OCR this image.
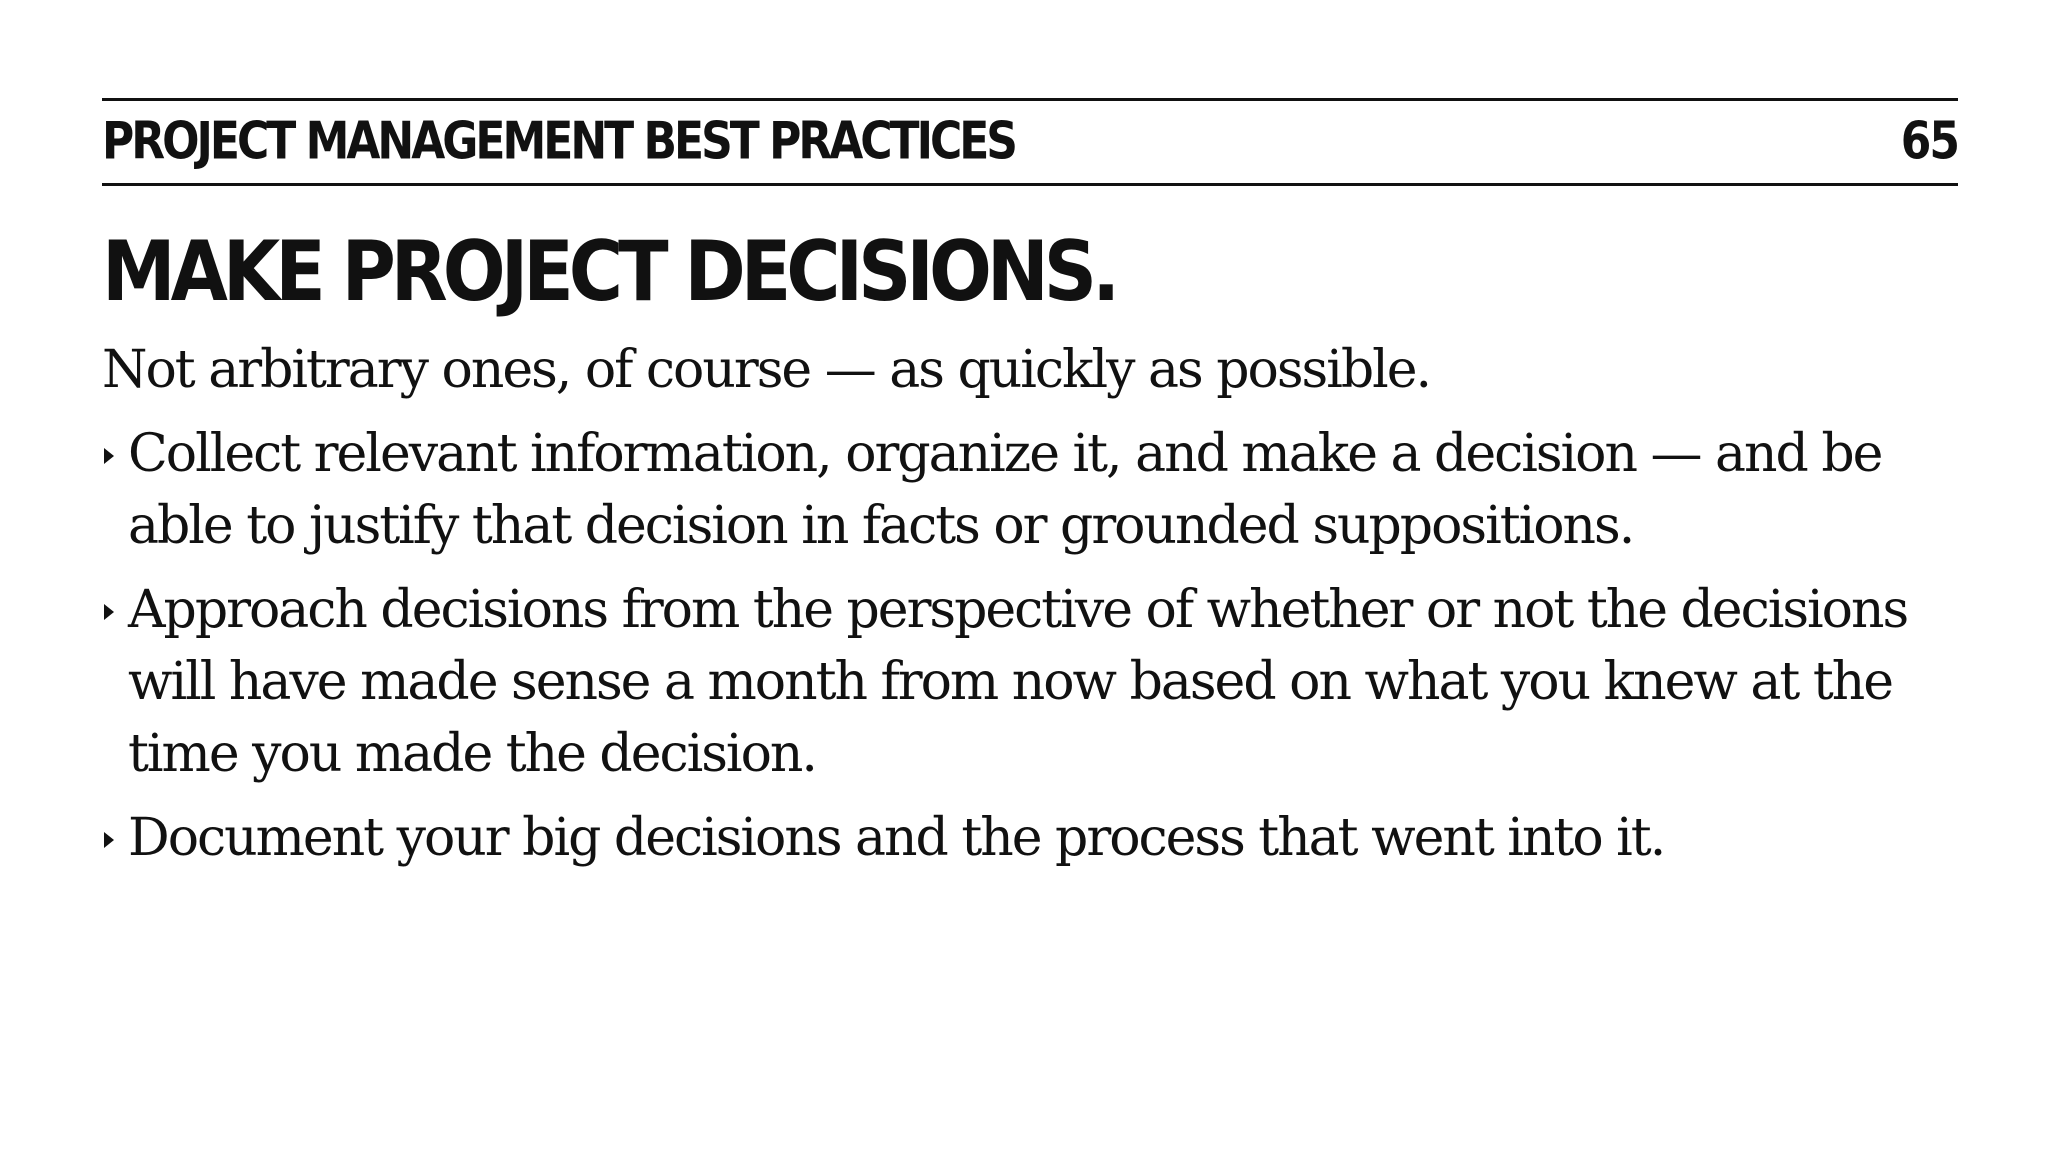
PROJECT MANAGEMENT BEST PRACTICES	65
MAKE PROJECT DECISIONS.
Not arbitrary ones, of course — as quickly as possible.
Collect relevant information, organize it, and make a decision — and be able to justify that decision in facts or grounded suppositions.
Approach decisions from the perspective of whether or not the decisions will have made sense a month from now based on what you knew at the time you made the decision.
Document your big decisions and the process that went into it.
